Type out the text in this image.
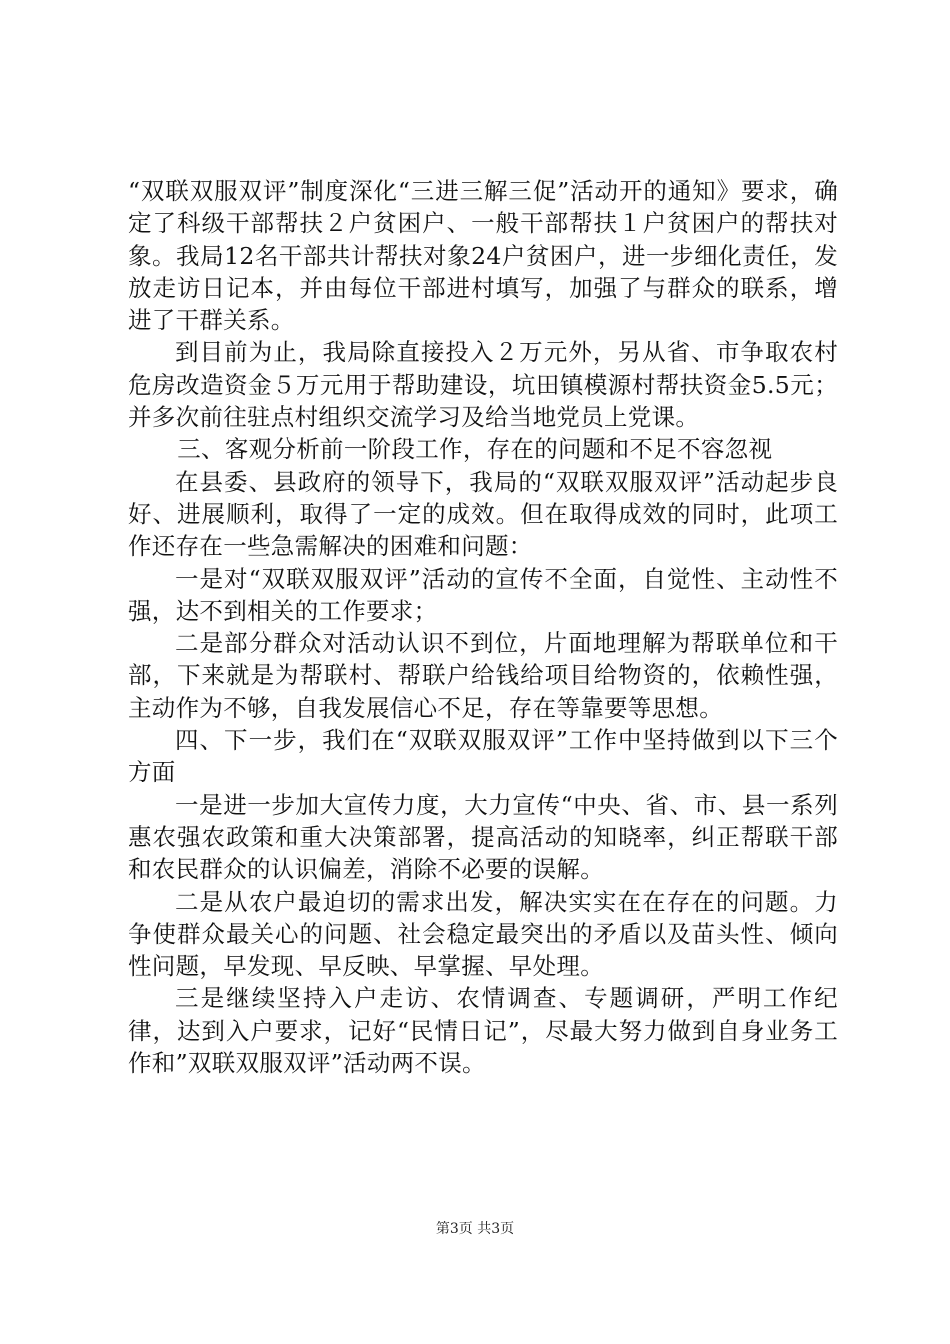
“双联双服双评”制度深化“三进三解三促”活动开的通知》要求，确定了科级干部帮扶２户贫困户、一般干部帮扶１户贫困户的帮扶对象。我局12名干部共计帮扶对象24户贫困户，进一步细化责任，发放走访日记本，并由每位干部进村填写，加强了与群众的联系，增进了干群关系。

到目前为止，我局除直接投入２万元外，另从省、市争取农村危房改造资金５万元用于帮助建设，坑田镇模源村帮扶资金5.5元；并多次前往驻点村组织交流学习及给当地党员上党课。

三、客观分析前一阶段工作，存在的问题和不足不容忽视

在县委、县政府的领导下，我局的“双联双服双评”活动起步良好、进展顺利，取得了一定的成效。但在取得成效的同时，此项工作还存在一些急需解决的困难和问题：

一是对“双联双服双评”活动的宣传不全面，自觉性、主动性不强，达不到相关的工作要求；

二是部分群众对活动认识不到位，片面地理解为帮联单位和干部，下来就是为帮联村、帮联户给钱给项目给物资的，依赖性强，主动作为不够，自我发展信心不足，存在等靠要等思想。

四、下一步，我们在“双联双服双评”工作中坚持做到以下三个方面

一是进一步加大宣传力度，大力宣传“中央、省、市、县一系列惠农强农政策和重大决策部署，提高活动的知晓率，纠正帮联干部和农民群众的认识偏差，消除不必要的误解。

二是从农户最迫切的需求出发，解决实实在在存在的问题。力争使群众最关心的问题、社会稳定最突出的矛盾以及苗头性、倾向性问题，早发现、早反映、早掌握、早处理。

三是继续坚持入户走访、农情调查、专题调研，严明工作纪律，达到入户要求，记好“民情日记”，尽最大努力做到自身业务工作和”双联双服双评”活动两不误。

第3页 共3页
